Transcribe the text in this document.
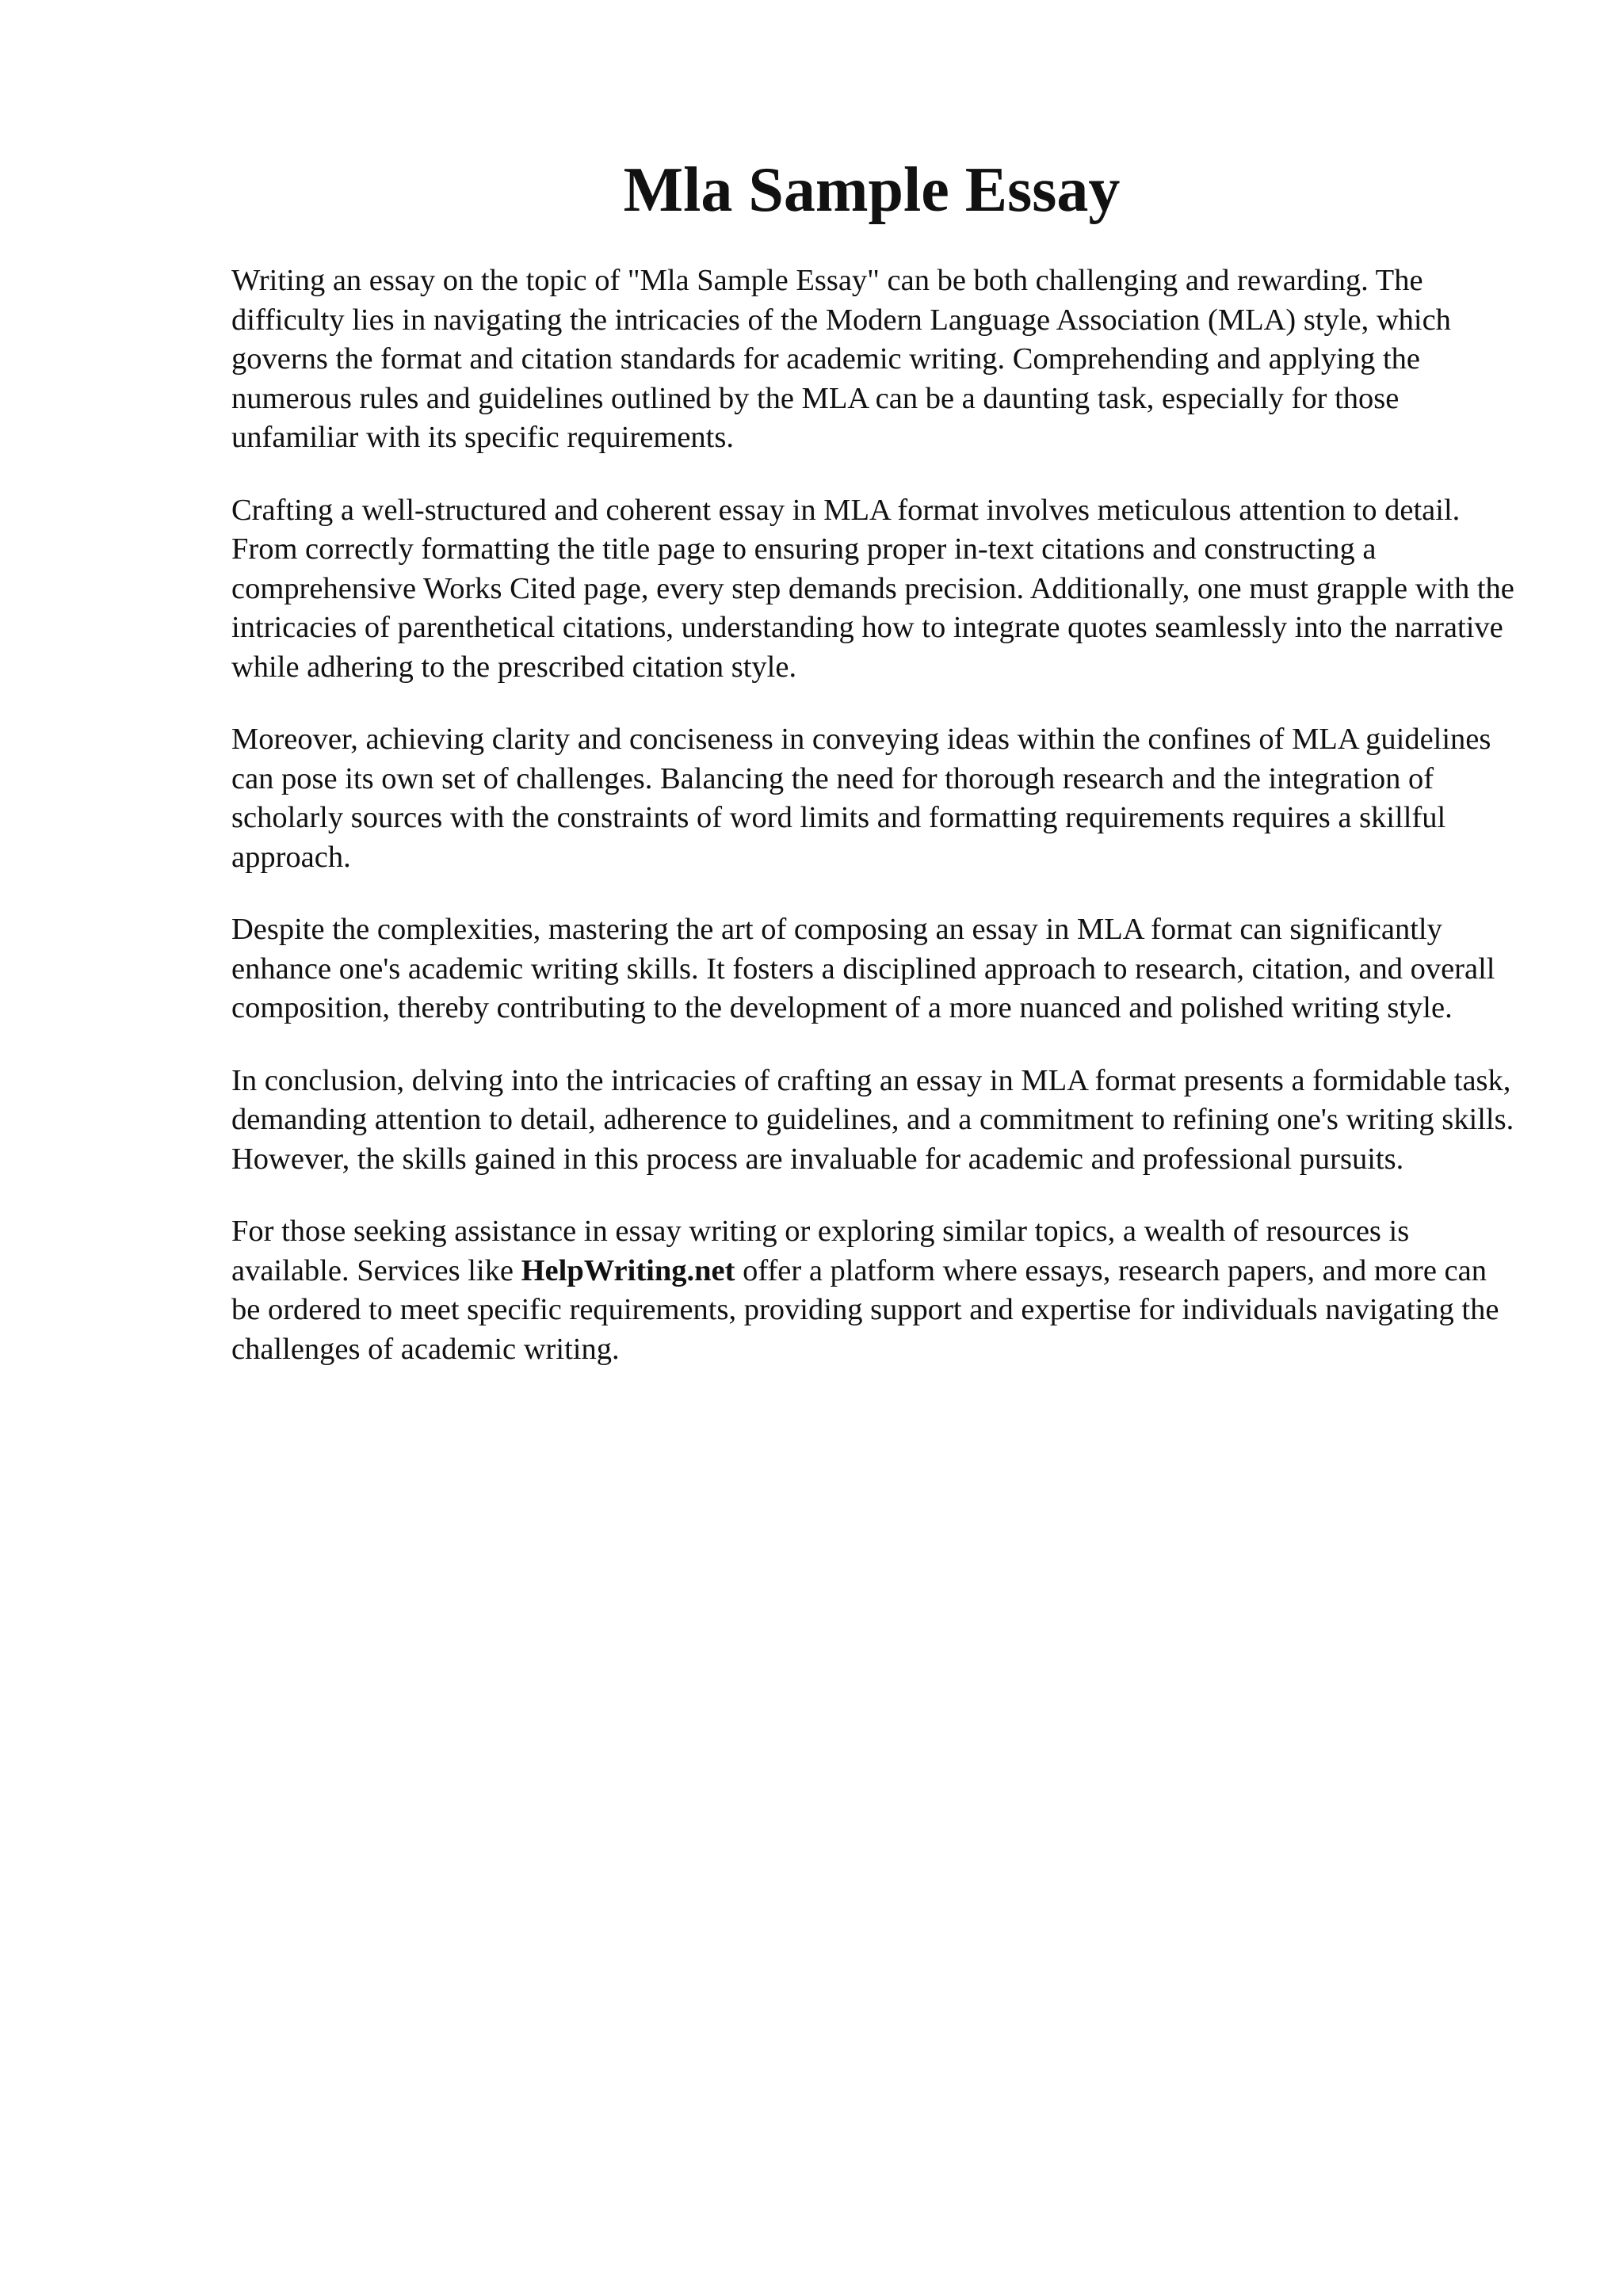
Mla Sample Essay

Writing an essay on the topic of "Mla Sample Essay" can be both challenging and rewarding. The difficulty lies in navigating the intricacies of the Modern Language Association (MLA) style, which governs the format and citation standards for academic writing. Comprehending and applying the numerous rules and guidelines outlined by the MLA can be a daunting task, especially for those unfamiliar with its specific requirements.

Crafting a well-structured and coherent essay in MLA format involves meticulous attention to detail. From correctly formatting the title page to ensuring proper in-text citations and constructing a comprehensive Works Cited page, every step demands precision. Additionally, one must grapple with the intricacies of parenthetical citations, understanding how to integrate quotes seamlessly into the narrative while adhering to the prescribed citation style.

Moreover, achieving clarity and conciseness in conveying ideas within the confines of MLA guidelines can pose its own set of challenges. Balancing the need for thorough research and the integration of scholarly sources with the constraints of word limits and formatting requirements requires a skillful approach.

Despite the complexities, mastering the art of composing an essay in MLA format can significantly enhance one's academic writing skills. It fosters a disciplined approach to research, citation, and overall composition, thereby contributing to the development of a more nuanced and polished writing style.

In conclusion, delving into the intricacies of crafting an essay in MLA format presents a formidable task, demanding attention to detail, adherence to guidelines, and a commitment to refining one's writing skills. However, the skills gained in this process are invaluable for academic and professional pursuits.

For those seeking assistance in essay writing or exploring similar topics, a wealth of resources is available. Services like HelpWriting.net offer a platform where essays, research papers, and more can be ordered to meet specific requirements, providing support and expertise for individuals navigating the challenges of academic writing.
